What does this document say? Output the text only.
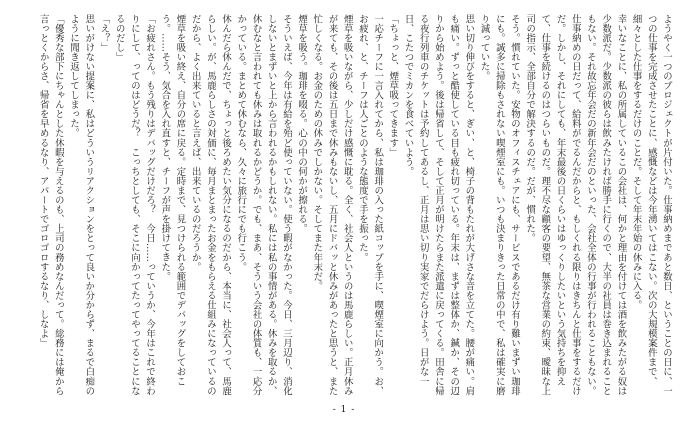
ようやく一つのプロジェクトが片付いた。仕事納めまであと数日、ということの日に、一つの仕事を完成させたことに、感慨などは今年湧いてはこない。次の大規模案件まで、細々とした仕事をするだけのことだ。そして年末年始の休みに入る。

幸いなことに、私の所属しているこの会社は、何かと理由を付けては酒を飲みたがる奴は少数派だ。少数派の彼らは飲みたければ勝手に行くので、大半の社員は巻き込まれることもない。それ故忘年会だの新年会だのといった、会社全体の行事が行われることもない。

仕事納めの日だって、給料がでるんだからと、もしくれる限りはきちんと仕事をするだけだ。しかし、それにしても、年末最後の日くらいはゆっくりしたいという気持ちを抑えて、仕事を続けるのはつらいものだ。理不尽な顧客の要望、無茶な営業の約束、曖昧な上司の指示、全部自分で解決するのだ。だが、慣れた。

そう。慣れていた。安物のオフィスチェアにも、サービスであるだけ有り難いまずい珈琲にも。誠多に掃除もされない喫煙室にも。いつも決まりきった日常の中で、私は確実に磨り減っていた。

思い切り伸びをすると、ぎい、と、椅子の背もたれが大げさな音を立てた。腰が痛い。肩も痛い。ずっと酷使している目も疲れ切っている。年末は、まずは整体か、鍼か、その辺りから始めよう。後は帰省して、そして正月が明けたらまた派遣に戻ってくる。田舎に帰る夜行列車のチケットは予約してあるし、正月は思い切り実家でだらけよう。日がな一日、こたつでミカンを食べていよう。

「ちょっと、煙草吸ってきます」

一応チーフに一言入れてから、私は珈琲の入った紙コップを手に、喫煙室に向かう。お、お疲れ、と、チーフは人ごとのような態度で手を振った。

煙草を吸いながら、少しだけ感慨に耽る。全く、社会人というのは馬鹿らしい。正月休みが来ても、その後は五日まで休みもないし、五月にドバッと休みがあったと思うと、また忙しくなる。お金のための休みでしかない。そしてまた年末だ。

煙草を吸う。珈琲を啜る。心の中の何かが擦れる。

そういえば、今年は有給を殆ど使っていない。使う暇がなかった。今日、三月辺り、消化しないとまずいと上から言われるかもしれない。私には私の事情がある。休みを取るか、休むなと言われても休みは取れるかどうか。でも、まあ、そういう会社の体質も、一応分かっている。まとめて休むなら、久々に旅行にでも行こう。

休んだら休んだで、ちょっと後ろめたい気分になるのだから、本当に、社会人って、馬鹿らしい。が、馬鹿らしさの対価に、毎月まとまったお金をもらえる仕組みになっているのだから、よく出来ていると言えば、出来ているのだろうか。

煙草を吸い終え、自分の席に戻る。定時まで、見つけられる範囲でデバッグをしておこう。……そう、気合を入れ直すと、チーフが声を掛けてきた。

「お疲れさん。もう残りはデバッグだけだろ？　今日……っていうか、今年はこれで終わりにして、ってのはどうだ？　こっちとしても、そこに向かってたってやってることになるのだし」

「え？」

思いがけない提案に、私はどういうリアクションをとって良いか分からず、まるで白痴のように聞き返してしまった。

「優秀な部下にちゃんとした休暇を与えるのも、上司の務めなんだって。総務には俺から言っとくからさ、帰省を早めるなり、アパートでゴロゴロするなり、しなよ」

- 1 -
